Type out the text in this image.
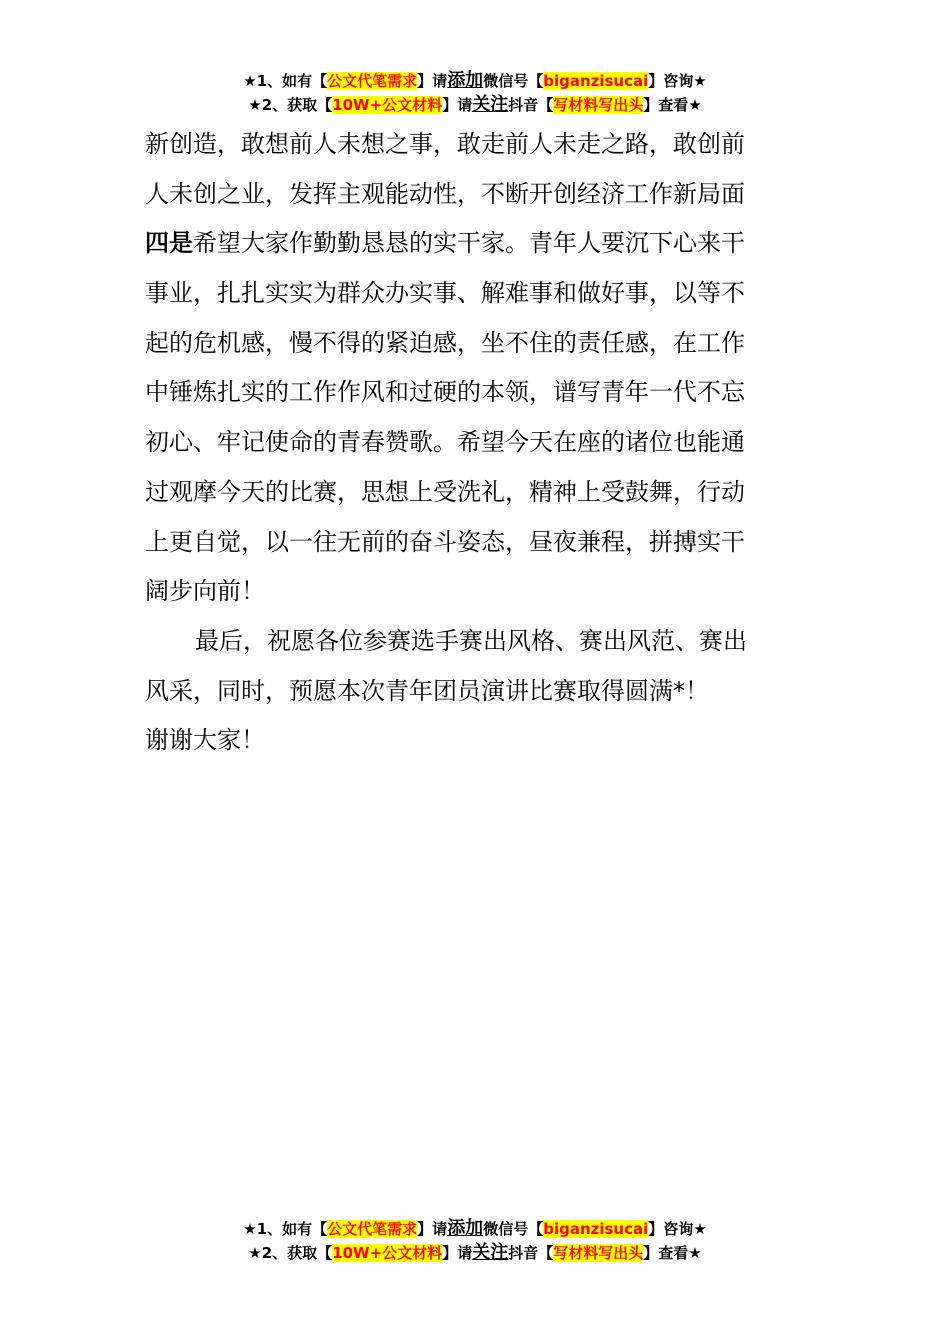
★1、如有【公文代笔需求】请添加微信号【biganzisucai】咨询★
★2、获取【10W+公文材料】请关注抖音【写材料写出头】查看★
新创造，敢想前人未想之事，敢走前人未走之路，敢创前
人未创之业，发挥主观能动性，不断开创经济工作新局面
四是希望大家作勤勤恳恳的实干家。青年人要沉下心来干
事业，扎扎实实为群众办实事、解难事和做好事，以等不
起的危机感，慢不得的紧迫感，坐不住的责任感，在工作
中锤炼扎实的工作作风和过硬的本领，谱写青年一代不忘
初心、牢记使命的青春赞歌。希望今天在座的诸位也能通
过观摩今天的比赛，思想上受洗礼，精神上受鼓舞，行动
上更自觉，以一往无前的奋斗姿态，昼夜兼程，拼搏实干
阔步向前！
最后，祝愿各位参赛选手赛出风格、赛出风范、赛出
风采，同时，预愿本次青年团员演讲比赛取得圆满*！
谢谢大家！
★1、如有【公文代笔需求】请添加微信号【biganzisucai】咨询★
★2、获取【10W+公文材料】请关注抖音【写材料写出头】查看★
